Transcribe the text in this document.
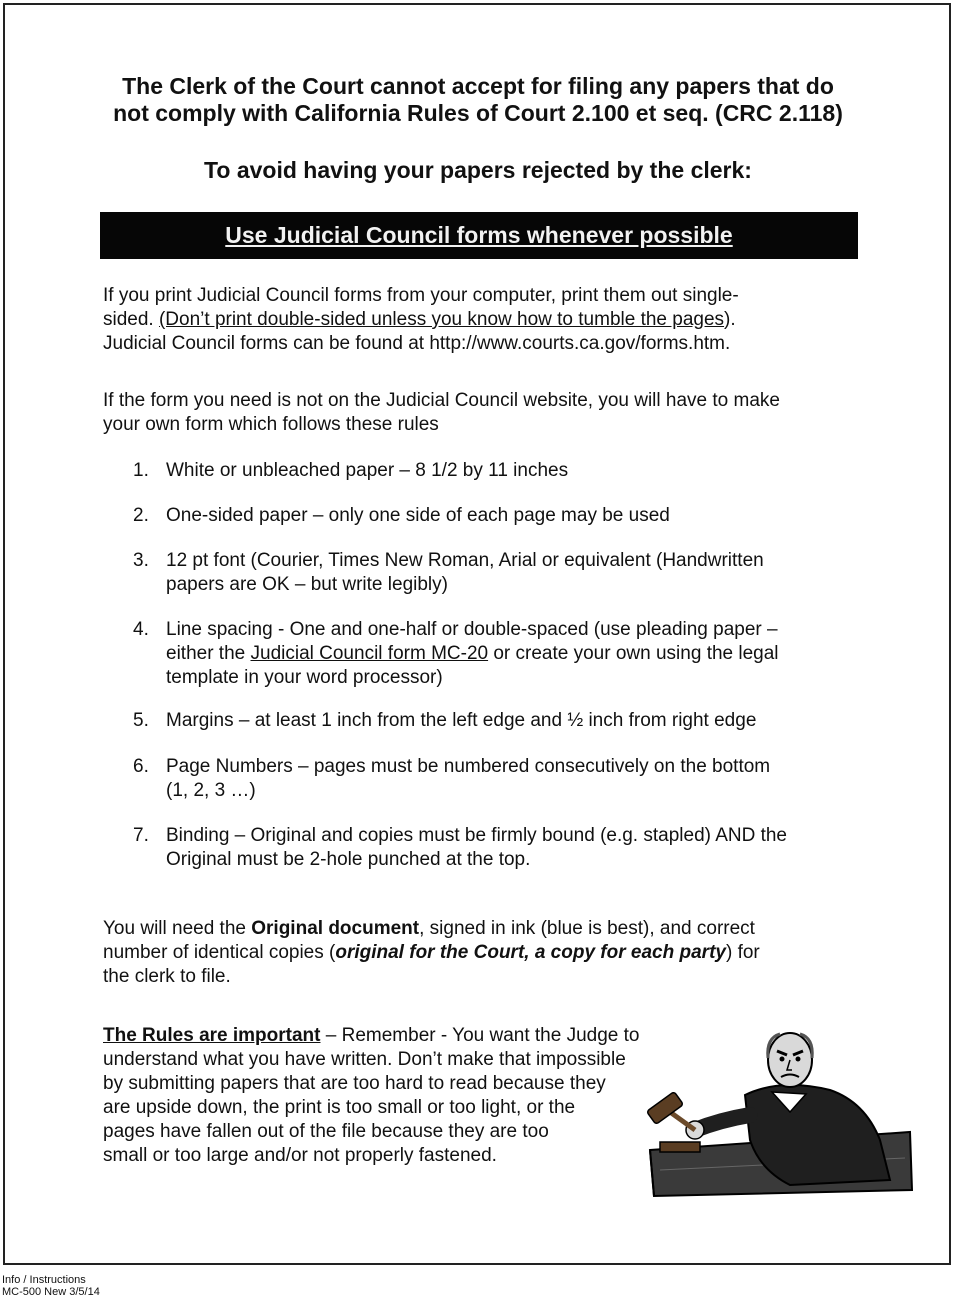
The Clerk of the Court cannot accept for filing any papers that do

not comply with California Rules of Court 2.100 et seq. (CRC 2.118)

To avoid having your papers rejected by the clerk:

Use Judicial Council forms whenever possible

If you print Judicial Council forms from your computer, print them out single-

sided. (Don’t print double-sided unless you know how to tumble the pages).

Judicial Council forms can be found at http://www.courts.ca.gov/forms.htm.

If the form you need is not on the Judicial Council website, you will have to make

your own form which follows these rules

1. White or unbleached paper – 8 1/2 by 11 inches
2. One-sided paper – only one side of each page may be used
3. 12 pt font (Courier, Times New Roman, Arial or equivalent (Handwritten
papers are OK – but write legibly)
4. Line spacing - One and one-half or double-spaced (use pleading paper –
either the Judicial Council form MC-20 or create your own using the legal
template in your word processor)
5. Margins – at least 1 inch from the left edge and ½ inch from right edge
6. Page Numbers – pages must be numbered consecutively on the bottom
(1, 2, 3 …)
7. Binding – Original and copies must be firmly bound (e.g. stapled) AND the
Original must be 2-hole punched at the top.

You will need the Original document, signed in ink (blue is best), and correct

number of identical copies (original for the Court, a copy for each party) for

the clerk to file.

The Rules are important – Remember - You want the Judge to

understand what you have written. Don’t make that impossible

by submitting papers that are too hard to read because they

are upside down, the print is too small or too light, or the

pages have fallen out of the file because they are too

small or too large and/or not properly fastened.

Info / Instructions
MC-500 New 3/5/14
